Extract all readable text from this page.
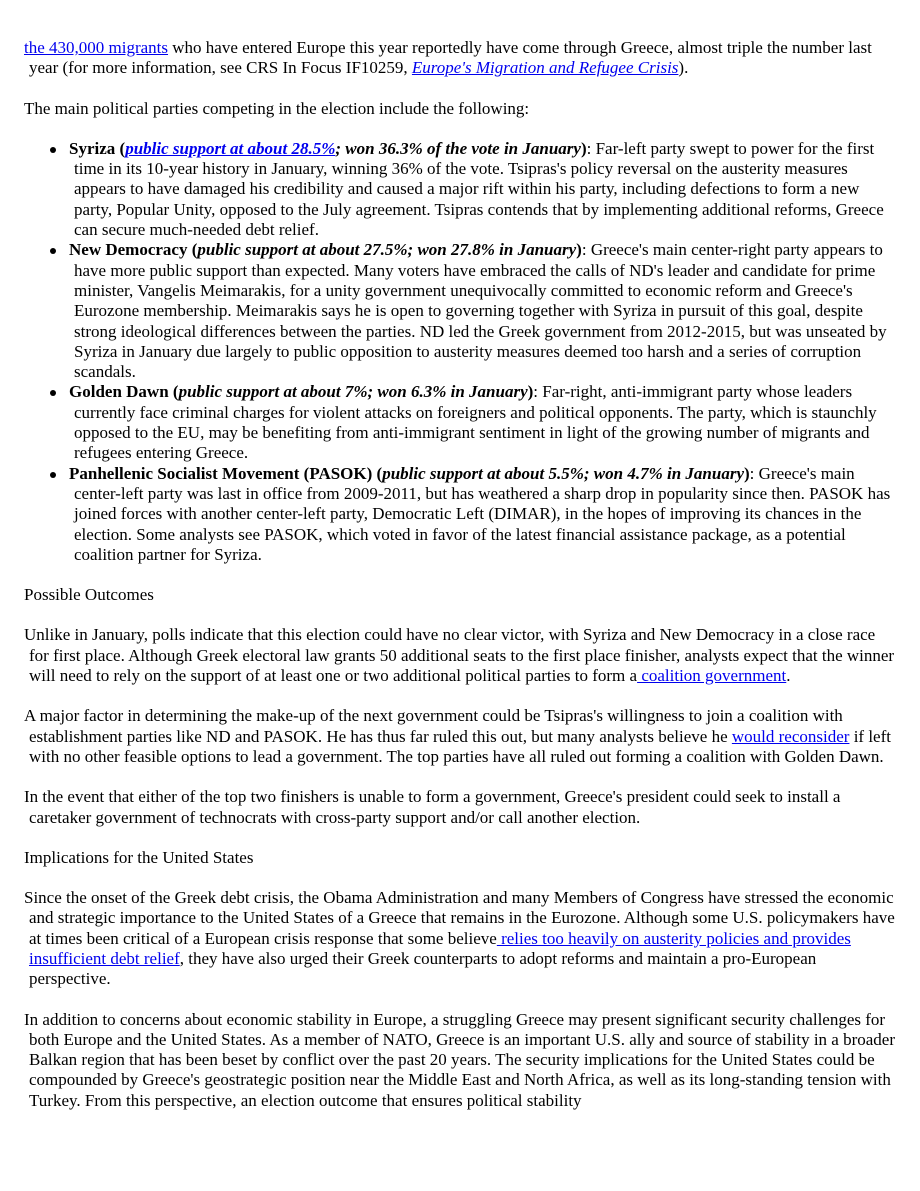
the 430,000 migrants who have entered Europe this year reportedly have come through Greece, almost triple the number last year (for more information, see CRS In Focus IF10259, Europe's Migration and Refugee Crisis).

The main political parties competing in the election include the following:

Syriza (public support at about 28.5%; won 36.3% of the vote in January): Far-left party swept to power for the first time in its 10-year history in January, winning 36% of the vote. Tsipras's policy reversal on the austerity measures appears to have damaged his credibility and caused a major rift within his party, including defections to form a new party, Popular Unity, opposed to the July agreement. Tsipras contends that by implementing additional reforms, Greece can secure much-needed debt relief.
New Democracy (public support at about 27.5%; won 27.8% in January): Greece's main center-right party appears to have more public support than expected. Many voters have embraced the calls of ND's leader and candidate for prime minister, Vangelis Meimarakis, for a unity government unequivocally committed to economic reform and Greece's Eurozone membership. Meimarakis says he is open to governing together with Syriza in pursuit of this goal, despite strong ideological differences between the parties. ND led the Greek government from 2012-2015, but was unseated by Syriza in January due largely to public opposition to austerity measures deemed too harsh and a series of corruption scandals.
Golden Dawn (public support at about 7%; won 6.3% in January): Far-right, anti-immigrant party whose leaders currently face criminal charges for violent attacks on foreigners and political opponents. The party, which is staunchly opposed to the EU, may be benefiting from anti-immigrant sentiment in light of the growing number of migrants and refugees entering Greece.
Panhellenic Socialist Movement (PASOK) (public support at about 5.5%; won 4.7% in January): Greece's main center-left party was last in office from 2009-2011, but has weathered a sharp drop in popularity since then. PASOK has joined forces with another center-left party, Democratic Left (DIMAR), in the hopes of improving its chances in the election. Some analysts see PASOK, which voted in favor of the latest financial assistance package, as a potential coalition partner for Syriza.

Possible Outcomes

Unlike in January, polls indicate that this election could have no clear victor, with Syriza and New Democracy in a close race for first place. Although Greek electoral law grants 50 additional seats to the first place finisher, analysts expect that the winner will need to rely on the support of at least one or two additional political parties to form a coalition government.

A major factor in determining the make-up of the next government could be Tsipras's willingness to join a coalition with establishment parties like ND and PASOK. He has thus far ruled this out, but many analysts believe he would reconsider if left with no other feasible options to lead a government. The top parties have all ruled out forming a coalition with Golden Dawn.

In the event that either of the top two finishers is unable to form a government, Greece's president could seek to install a caretaker government of technocrats with cross-party support and/or call another election.

Implications for the United States

Since the onset of the Greek debt crisis, the Obama Administration and many Members of Congress have stressed the economic and strategic importance to the United States of a Greece that remains in the Eurozone. Although some U.S. policymakers have at times been critical of a European crisis response that some believe relies too heavily on austerity policies and provides insufficient debt relief, they have also urged their Greek counterparts to adopt reforms and maintain a pro-European perspective.

In addition to concerns about economic stability in Europe, a struggling Greece may present significant security challenges for both Europe and the United States. As a member of NATO, Greece is an important U.S. ally and source of stability in a broader Balkan region that has been beset by conflict over the past 20 years. The security implications for the United States could be compounded by Greece's geostrategic position near the Middle East and North Africa, as well as its long-standing tension with Turkey. From this perspective, an election outcome that ensures political stability
